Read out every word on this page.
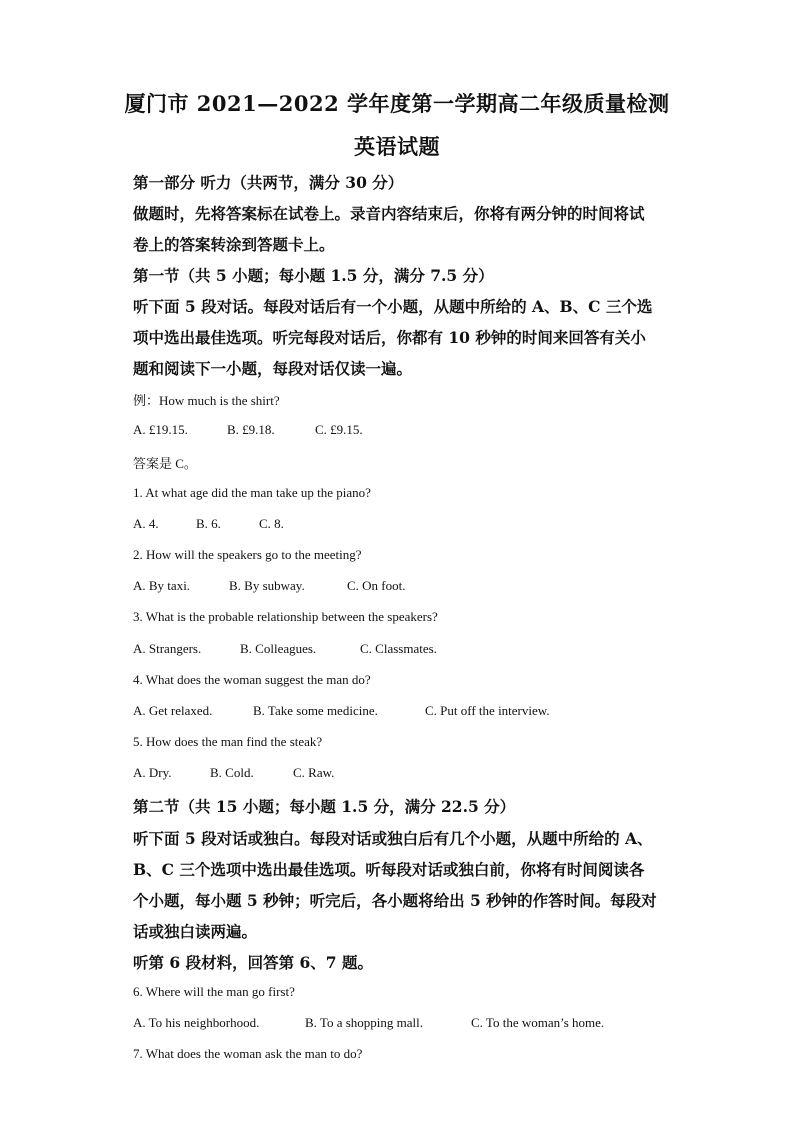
厦门市 2021—2022 学年度第一学期高二年级质量检测
英语试题
第一部分 听力（共两节，满分 30 分）
做题时，先将答案标在试卷上。录音内容结束后，你将有两分钟的时间将试
卷上的答案转涂到答题卡上。
第一节（共 5 小题；每小题 1.5 分，满分 7.5 分）
听下面 5 段对话。每段对话后有一个小题，从题中所给的 A、B、C 三个选
项中选出最佳选项。听完每段对话后，你都有 10 秒钟的时间来回答有关小
题和阅读下一小题，每段对话仅读一遍。
例：How much is the shirt?
A. £19.15.	B. £9.18.	C. £9.15.
答案是 C。
1. At what age did the man take up the piano?
A. 4.	B. 6.	C. 8.
2. How will the speakers go to the meeting?
A. By taxi.	B. By subway.	C. On foot.
3. What is the probable relationship between the speakers?
A. Strangers.	B. Colleagues.	C. Classmates.
4. What does the woman suggest the man do?
A. Get relaxed.	B. Take some medicine.	C. Put off the interview.
5. How does the man find the steak?
A. Dry.	B. Cold.	C. Raw.
第二节（共 15 小题；每小题 1.5 分，满分 22.5 分）
听下面 5 段对话或独白。每段对话或独白后有几个小题，从题中所给的 A、
B、C 三个选项中选出最佳选项。听每段对话或独白前，你将有时间阅读各
个小题，每小题 5 秒钟；听完后，各小题将给出 5 秒钟的作答时间。每段对
话或独白读两遍。
听第 6 段材料，回答第 6、7 题。
6. Where will the man go first?
A. To his neighborhood.	B. To a shopping mall.	C. To the woman’s home.
7. What does the woman ask the man to do?
